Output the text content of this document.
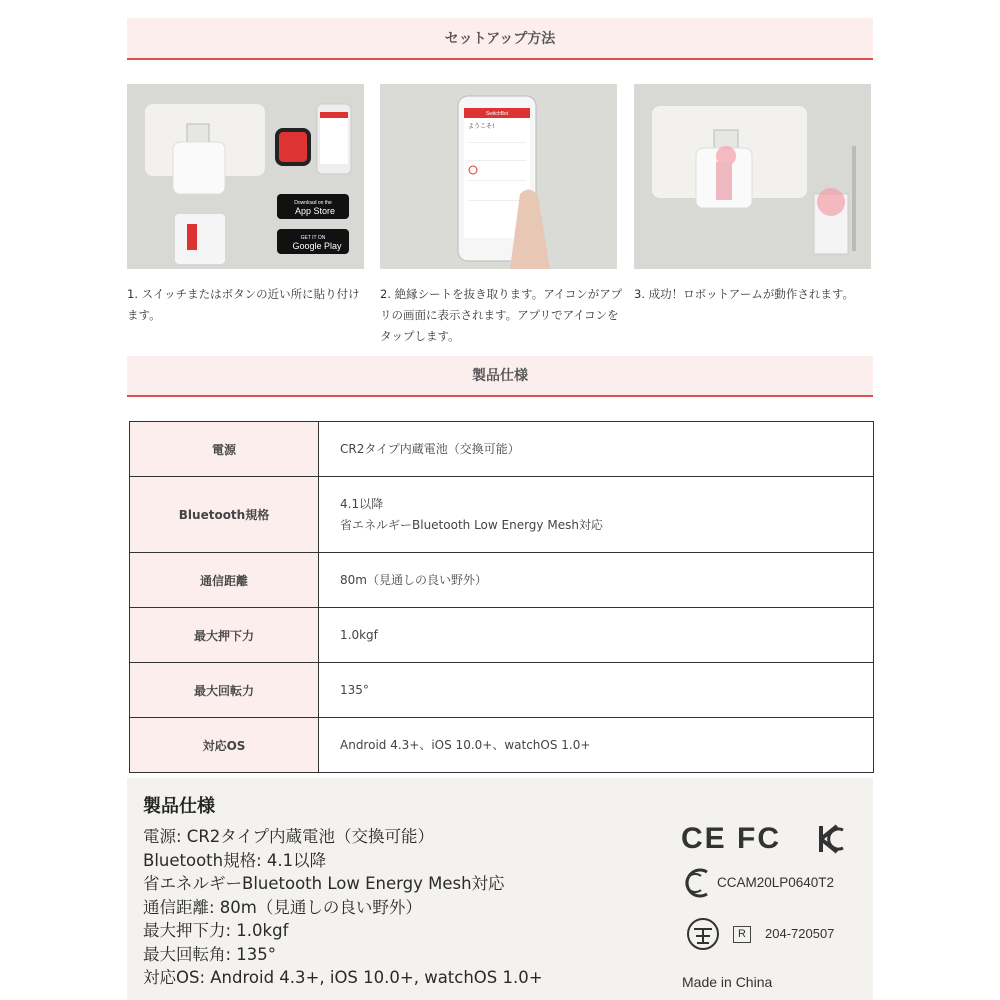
セットアップ方法
Download on the
App Store
GET IT ON
Google Play
SwitchBot
ようこそ!
1. スイッチまたはボタンの近い所に貼り付けます。
2. 絶縁シートを抜き取ります。アイコンがアプリの画面に表示されます。アプリでアイコンをタップします。
3. 成功！ロボットアームが動作されます。
製品仕様
電源	CR2タイプ内蔵電池（交換可能）

Bluetooth規格	4.1以降
省エネルギーBluetooth Low Energy Mesh対応

通信距離	80m（見通しの良い野外）

最大押下力	1.0kgf

最大回転力	135°

対応OS	Android 4.3+、iOS 10.0+、watchOS 1.0+
製品仕様
電源: CR2タイプ内蔵電池（交換可能）
Bluetooth規格: 4.1以降
省エネルギーBluetooth Low Energy Mesh対応
通信距離: 80m（見通しの良い野外）
最大押下力: 1.0kgf
最大回転角: 135°
対応OS: Android 4.3+, iOS 10.0+, watchOS 1.0+
CE FC
CCAM20LP0640T2
R	204-720507
Made in China
